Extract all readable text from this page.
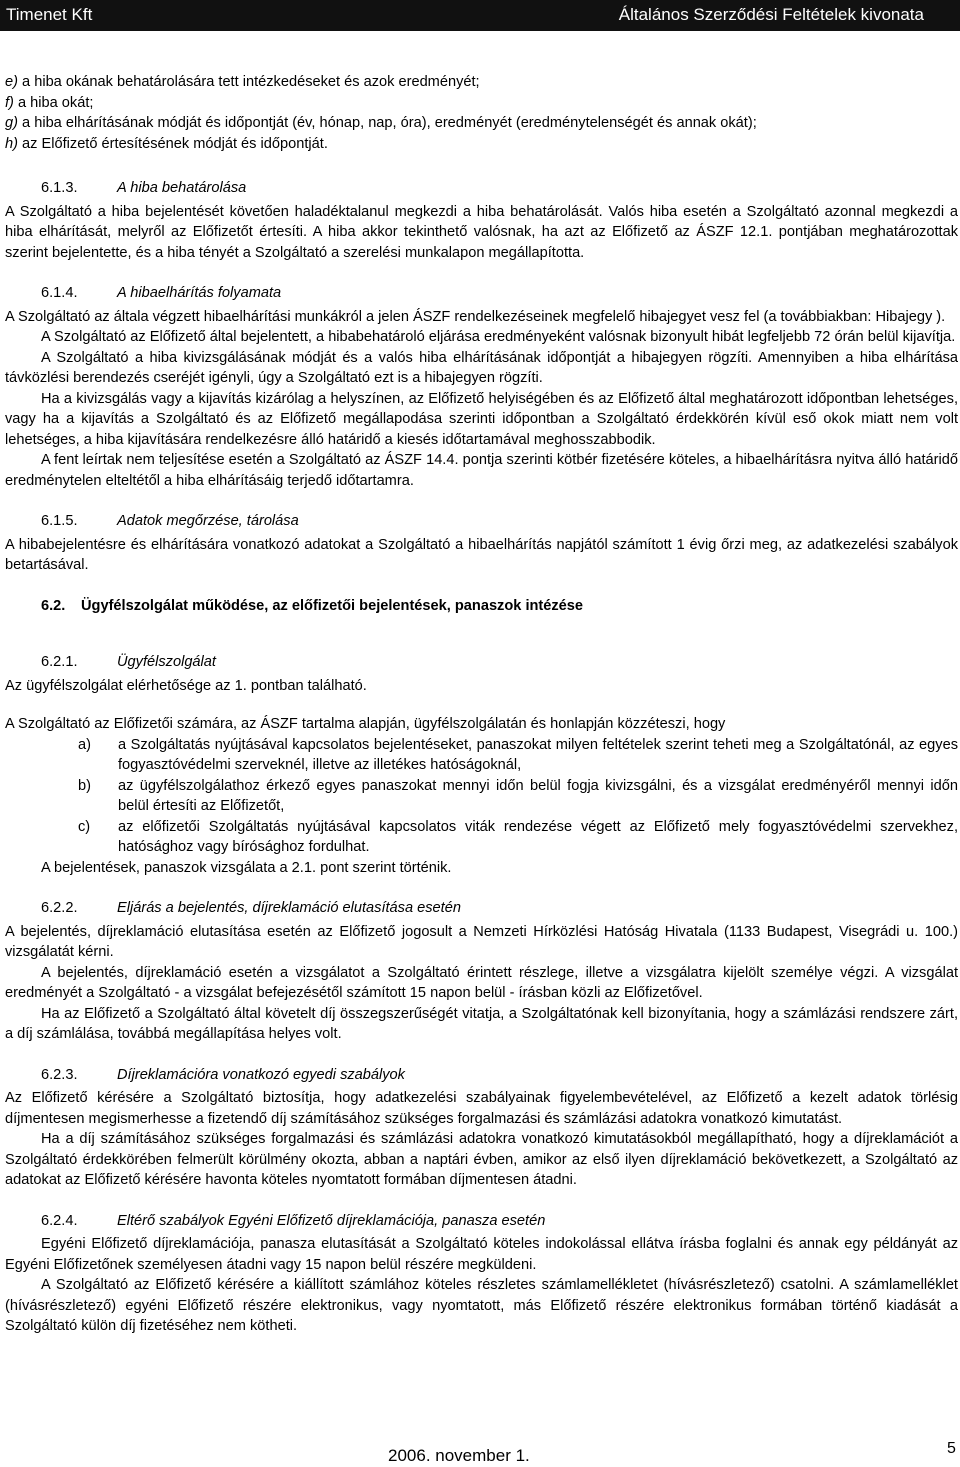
Timenet Kft	Általános Szerződési Feltételek kivonata

e) a hiba okának behatárolására tett intézkedéseket és azok eredményét;

f) a hiba okát;

g) a hiba elhárításának módját és időpontját (év, hónap, nap, óra), eredményét (eredménytelenségét és annak okát);

h) az Előfizető értesítésének módját és időpontját.

6.1.3.	A hiba behatárolása

A Szolgáltató a hiba bejelentését követően haladéktalanul megkezdi a hiba behatárolását. Valós hiba esetén a Szolgáltató azonnal megkezdi a hiba elhárítását, melyről az Előfizetőt értesíti. A hiba akkor tekinthető valósnak, ha azt az Előfizető az ÁSZF 12.1. pontjában meghatározottak szerint bejelentette, és a hiba tényét a Szolgáltató a szerelési munkalapon megállapította.

6.1.4.	A hibaelhárítás folyamata

A Szolgáltató az általa végzett hibaelhárítási munkákról a jelen ÁSZF rendelkezéseinek megfelelő hibajegyet vesz fel (a továbbiakban: Hibajegy ).

A Szolgáltató az Előfizető által bejelentett, a hibabehatároló eljárása eredményeként valósnak bizonyult hibát legfeljebb 72 órán belül kijavítja.

A Szolgáltató a hiba kivizsgálásának módját és a valós hiba elhárításának időpontját a hibajegyen rögzíti. Amennyiben a hiba elhárítása távközlési berendezés cseréjét igényli, úgy a Szolgáltató ezt is a hibajegyen rögzíti.

Ha a kivizsgálás vagy a kijavítás kizárólag a helyszínen, az Előfizető helyiségében és az Előfizető által meghatározott időpontban lehetséges, vagy ha a kijavítás a Szolgáltató és az Előfizető megállapodása szerinti időpontban a Szolgáltató érdekkörén kívül eső okok miatt nem volt lehetséges, a hiba kijavítására rendelkezésre álló határidő a kiesés időtartamával meghosszabbodik.

A fent leírtak nem teljesítése esetén a Szolgáltató az ÁSZF 14.4. pontja szerinti kötbér fizetésére köteles, a hibaelhárításra nyitva álló határidő eredménytelen elteltétől a hiba elhárításáig terjedő időtartamra.

6.1.5.	Adatok megőrzése, tárolása

A hibabejelentésre és elhárítására vonatkozó adatokat a Szolgáltató a hibaelhárítás napjától számított 1 évig őrzi meg, az adatkezelési szabályok betartásával.

6.2. Ügyfélszolgálat működése, az előfizetői bejelentések, panaszok intézése
6.2.1.	Ügyfélszolgálat

Az ügyfélszolgálat elérhetősége az 1. pontban található.

A Szolgáltató az Előfizetői számára, az ÁSZF tartalma alapján, ügyfélszolgálatán és honlapján közzéteszi, hogy

a)	a Szolgáltatás nyújtásával kapcsolatos bejelentéseket, panaszokat milyen feltételek szerint teheti meg a Szolgáltatónál, az egyes fogyasztóvédelmi szerveknél, illetve az illetékes hatóságoknál,
b)	az ügyfélszolgálathoz érkező egyes panaszokat mennyi időn belül fogja kivizsgálni, és a vizsgálat eredményéről mennyi időn belül értesíti az Előfizetőt,
c)	az előfizetői Szolgáltatás nyújtásával kapcsolatos viták rendezése végett az Előfizető mely fogyasztóvédelmi szervekhez, hatósághoz vagy bírósághoz fordulhat.

A bejelentések, panaszok vizsgálata a 2.1. pont szerint történik.

6.2.2.	Eljárás a bejelentés, díjreklamáció elutasítása esetén

A bejelentés, díjreklamáció elutasítása esetén az Előfizető jogosult a Nemzeti Hírközlési Hatóság Hivatala (1133 Budapest, Visegrádi u. 100.) vizsgálatát kérni.

A bejelentés, díjreklamáció esetén a vizsgálatot a Szolgáltató érintett részlege, illetve a vizsgálatra kijelölt személye végzi. A vizsgálat eredményét a Szolgáltató - a vizsgálat befejezésétől számított 15 napon belül - írásban közli az Előfizetővel.

Ha az Előfizető a Szolgáltató által követelt díj összegszerűségét vitatja, a Szolgáltatónak kell bizonyítania, hogy a számlázási rendszere zárt, a díj számlálása, továbbá megállapítása helyes volt.

6.2.3.	Díjreklamációra vonatkozó egyedi szabályok

Az Előfizető kérésére a Szolgáltató biztosítja, hogy adatkezelési szabályainak figyelembevételével, az Előfizető a kezelt adatok törlésig díjmentesen megismerhesse a fizetendő díj számításához szükséges forgalmazási és számlázási adatokra vonatkozó kimutatást.

Ha a díj számításához szükséges forgalmazási és számlázási adatokra vonatkozó kimutatásokból megállapítható, hogy a díjreklamációt a Szolgáltató érdekkörében felmerült körülmény okozta, abban a naptári évben, amikor az első ilyen díjreklamáció bekövetkezett, a Szolgáltató az adatokat az Előfizető kérésére havonta köteles nyomtatott formában díjmentesen átadni.

6.2.4.	Eltérő szabályok Egyéni Előfizető díjreklamációja, panasza esetén

Egyéni Előfizető díjreklamációja, panasza elutasítását a Szolgáltató köteles indokolással ellátva írásba foglalni és annak egy példányát az Egyéni Előfizetőnek személyesen átadni vagy 15 napon belül részére megküldeni.

A Szolgáltató az Előfizető kérésére a kiállított számlához köteles részletes számlamellékletet (hívásrészletező) csatolni. A számlamelléklet (hívásrészletező) egyéni Előfizető részére elektronikus, vagy nyomtatott, más Előfizető részére elektronikus formában történő kiadását a Szolgáltató külön díj fizetéséhez nem kötheti.

2006. november 1.	5
